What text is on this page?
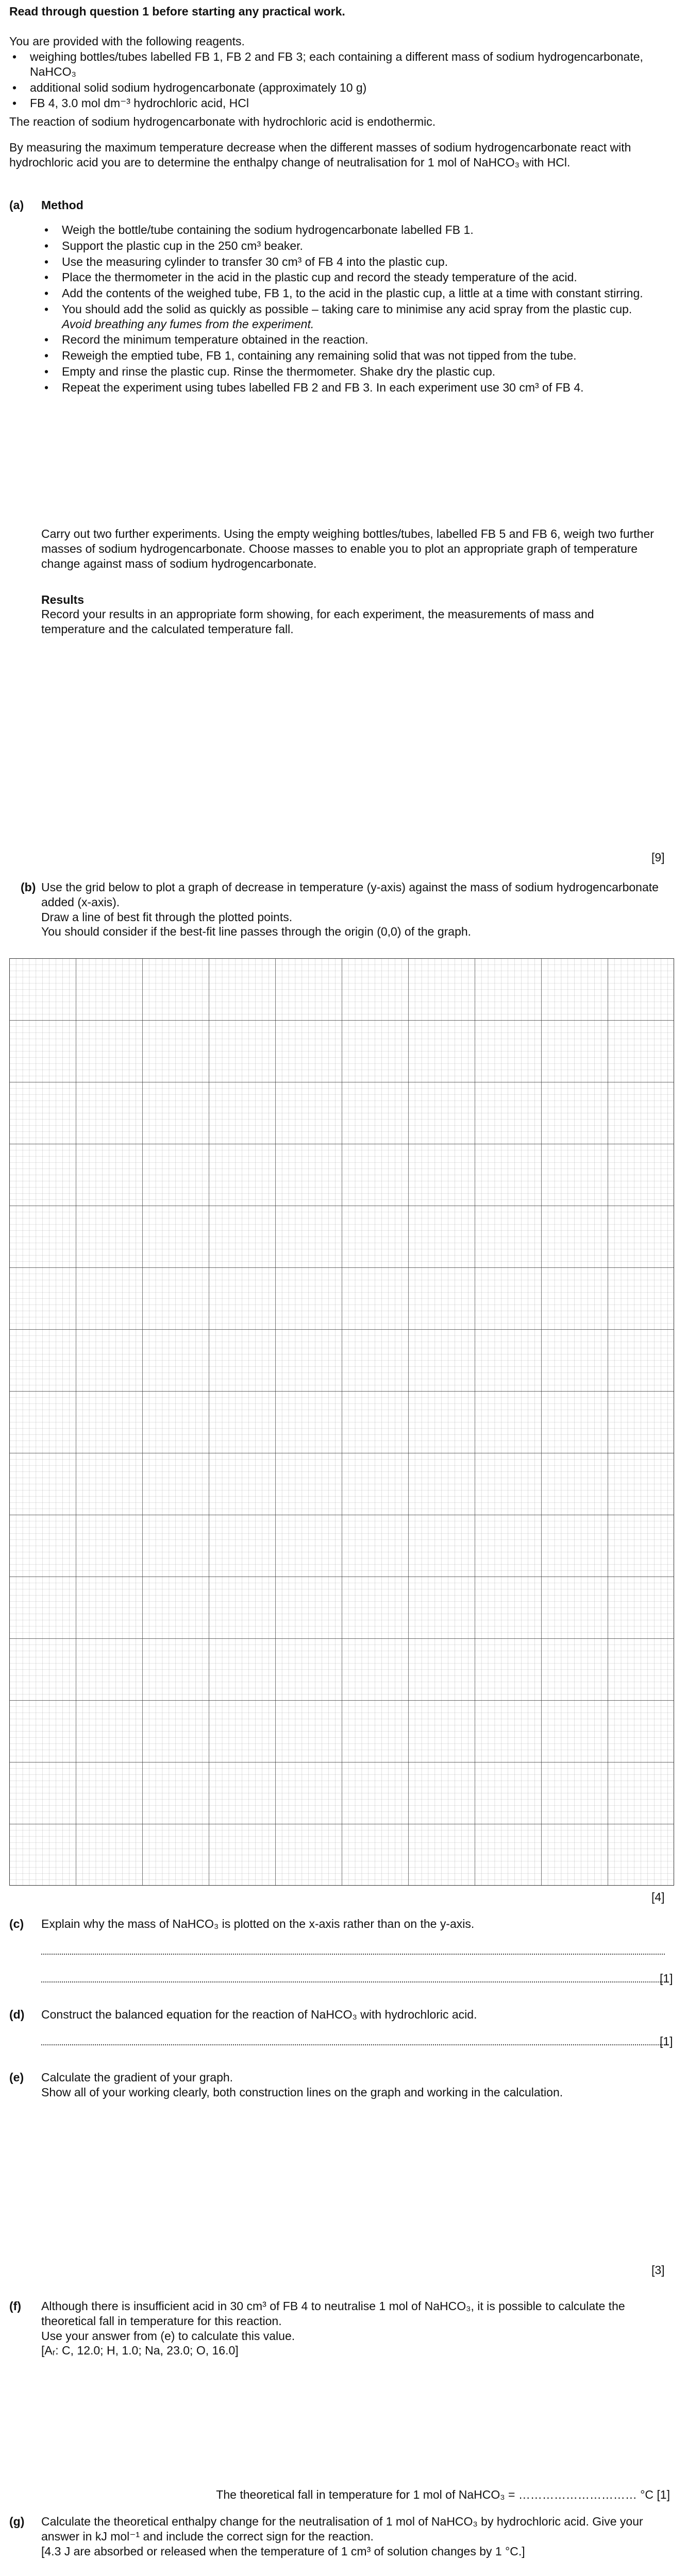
Read through question 1 before starting any practical work.
You are provided with the following reagents.
• weighing bottles/tubes labelled FB 1, FB 2 and FB 3; each containing a different mass of sodium hydrogencarbonate, NaHCO₃
• additional solid sodium hydrogencarbonate (approximately 10 g)
• FB 4, 3.0 mol dm⁻³ hydrochloric acid, HCl
The reaction of sodium hydrogencarbonate with hydrochloric acid is endothermic.
By measuring the maximum temperature decrease when the different masses of sodium hydrogencarbonate react with hydrochloric acid you are to determine the enthalpy change of neutralisation for 1 mol of NaHCO₃ with HCl.
(a) Method
• Weigh the bottle/tube containing the sodium hydrogencarbonate labelled FB 1.
• Support the plastic cup in the 250 cm³ beaker.
• Use the measuring cylinder to transfer 30 cm³ of FB 4 into the plastic cup.
• Place the thermometer in the acid in the plastic cup and record the steady temperature of the acid.
• Add the contents of the weighed tube, FB 1, to the acid in the plastic cup, a little at a time with constant stirring.
• You should add the solid as quickly as possible – taking care to minimise any acid spray from the plastic cup.
Avoid breathing any fumes from the experiment.
• Record the minimum temperature obtained in the reaction.
• Reweigh the emptied tube, FB 1, containing any remaining solid that was not tipped from the tube.
• Empty and rinse the plastic cup. Rinse the thermometer. Shake dry the plastic cup.
• Repeat the experiment using tubes labelled FB 2 and FB 3. In each experiment use 30 cm³ of FB 4.
Carry out two further experiments. Using the empty weighing bottles/tubes, labelled FB 5 and FB 6, weigh two further masses of sodium hydrogencarbonate. Choose masses to enable you to plot an appropriate graph of temperature change against mass of sodium hydrogencarbonate.
Results
Record your results in an appropriate form showing, for each experiment, the measurements of mass and temperature and the calculated temperature fall.
[9]
(b) Use the grid below to plot a graph of decrease in temperature (y-axis) against the mass of sodium hydrogencarbonate added (x-axis).
Draw a line of best fit through the plotted points.
You should consider if the best-fit line passes through the origin (0,0) of the graph.
[4]
(c) Explain why the mass of NaHCO₃ is plotted on the x-axis rather than on the y-axis.
[1]
(d) Construct the balanced equation for the reaction of NaHCO₃ with hydrochloric acid.
[1]
(e) Calculate the gradient of your graph.
Show all of your working clearly, both construction lines on the graph and working in the calculation.
[3]
(f) Although there is insufficient acid in 30 cm³ of FB 4 to neutralise 1 mol of NaHCO₃, it is possible to calculate the theoretical fall in temperature for this reaction.
Use your answer from (e) to calculate this value.
[Aᵣ: C, 12.0; H, 1.0; Na, 23.0; O, 16.0]
The theoretical fall in temperature for 1 mol of NaHCO₃ = ………………………… °C [1]
(g) Calculate the theoretical enthalpy change for the neutralisation of 1 mol of NaHCO₃ by hydrochloric acid. Give your answer in kJ mol⁻¹ and include the correct sign for the reaction.
[4.3 J are absorbed or released when the temperature of 1 cm³ of solution changes by 1 °C.]
